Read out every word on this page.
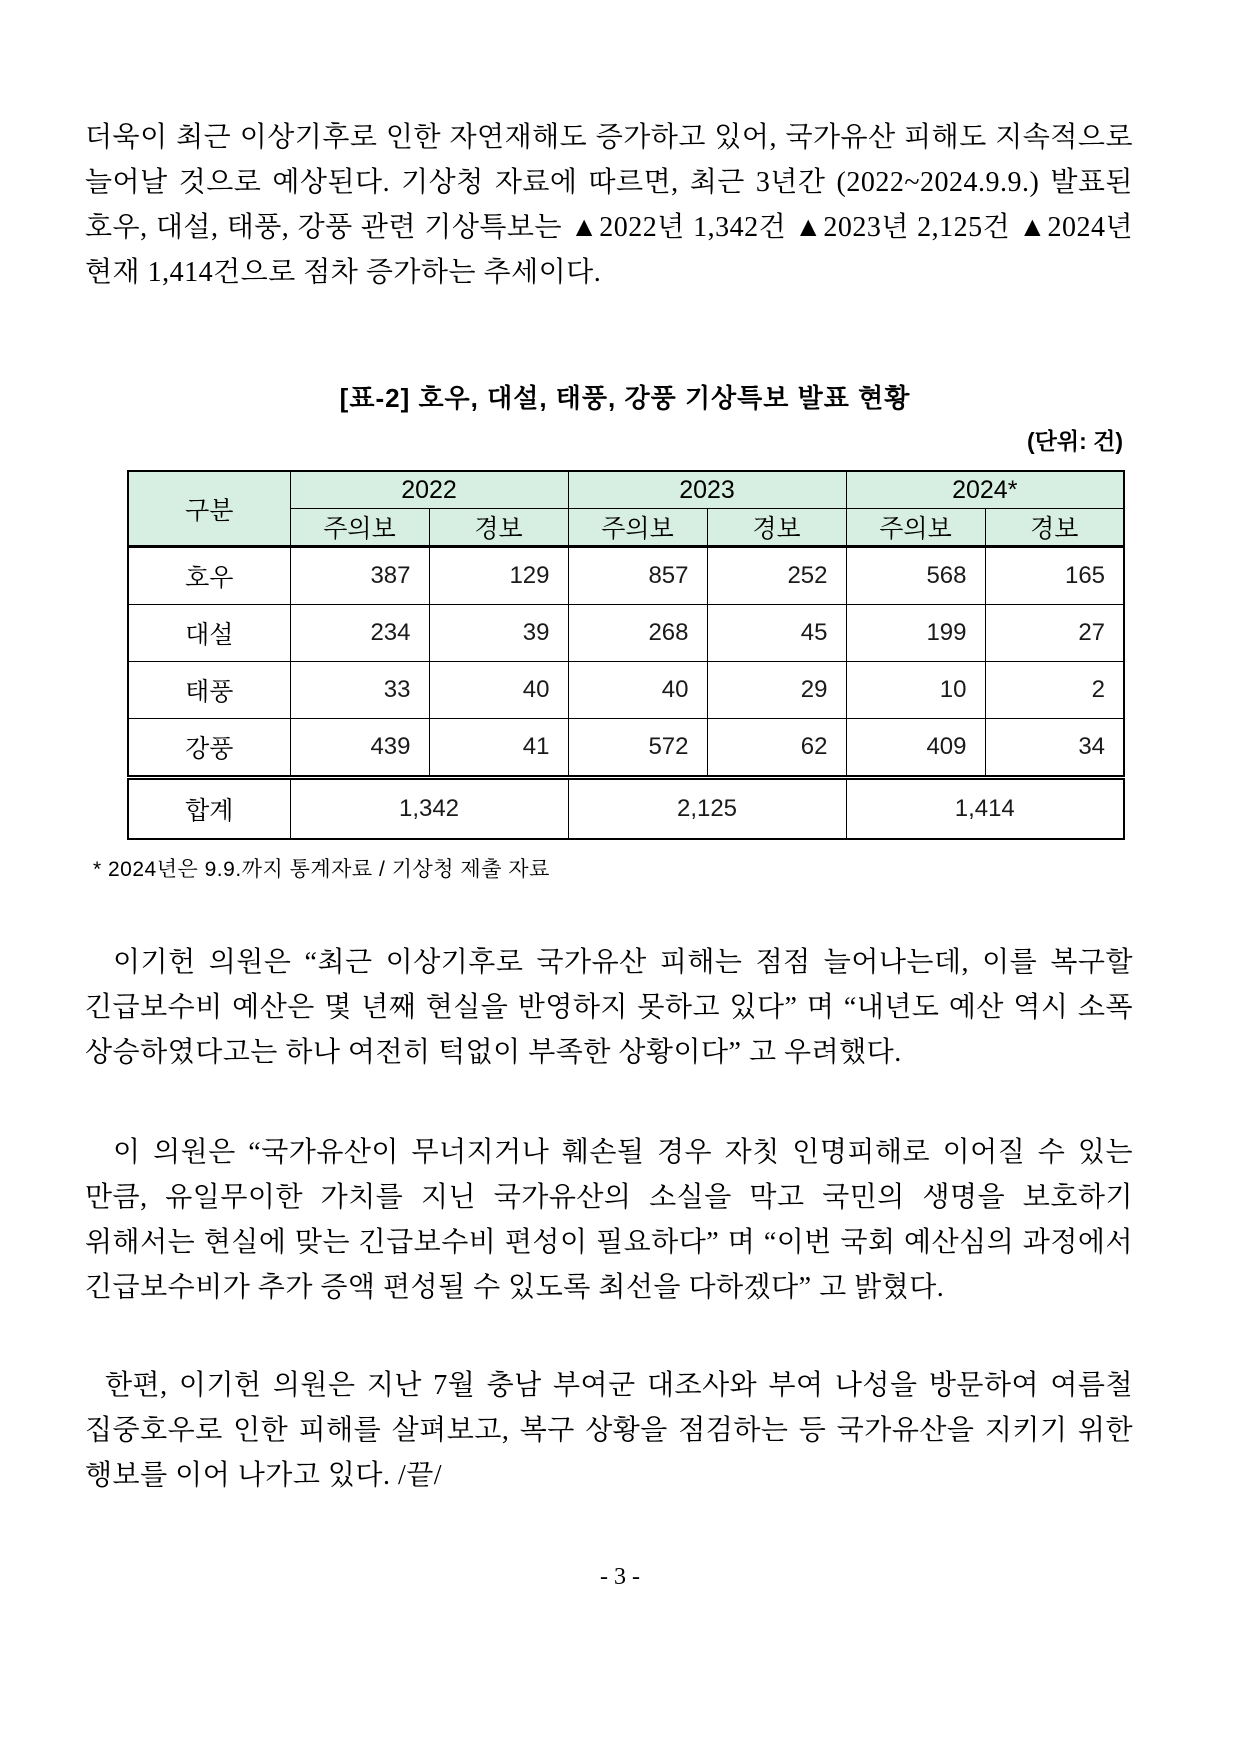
더욱이 최근 이상기후로 인한 자연재해도 증가하고 있어, 국가유산 피해도 지속적으로 늘어날 것으로 예상된다. 기상청 자료에 따르면, 최근 3년간 (2022~2024.9.9.) 발표된 호우, 대설, 태풍, 강풍 관련 기상특보는 ▲2022년 1,342건 ▲2023년 2,125건 ▲2024년 현재 1,414건으로 점차 증가하는 추세이다.

[표-2] 호우, 대설, 태풍, 강풍 기상특보 발표 현황
(단위: 건)
구분	2022		2023		2024*	
	주의보	경보	주의보	경보	주의보	경보
호우	387	129	857	252	568	165
대설	234	39	268	45	199	27
태풍	33	40	40	29	10	2
강풍	439	41	572	62	409	34
합계	1,342		2,125		1,414	
* 2024년은 9.9.까지 통계자료 / 기상청 제출 자료

이기헌 의원은 “최근 이상기후로 국가유산 피해는 점점 늘어나는데, 이를 복구할 긴급보수비 예산은 몇 년째 현실을 반영하지 못하고 있다” 며 “내년도 예산 역시 소폭 상승하였다고는 하나 여전히 턱없이 부족한 상황이다” 고 우려했다.

이 의원은 “국가유산이 무너지거나 훼손될 경우 자칫 인명피해로 이어질 수 있는 만큼, 유일무이한 가치를 지닌 국가유산의 소실을 막고 국민의 생명을 보호하기 위해서는 현실에 맞는 긴급보수비 편성이 필요하다” 며 “이번 국회 예산심의 과정에서 긴급보수비가 추가 증액 편성될 수 있도록 최선을 다하겠다” 고 밝혔다.

한편, 이기헌 의원은 지난 7월 충남 부여군 대조사와 부여 나성을 방문하여 여름철 집중호우로 인한 피해를 살펴보고, 복구 상황을 점검하는 등 국가유산을 지키기 위한 행보를 이어 나가고 있다. /끝/

- 3 -
